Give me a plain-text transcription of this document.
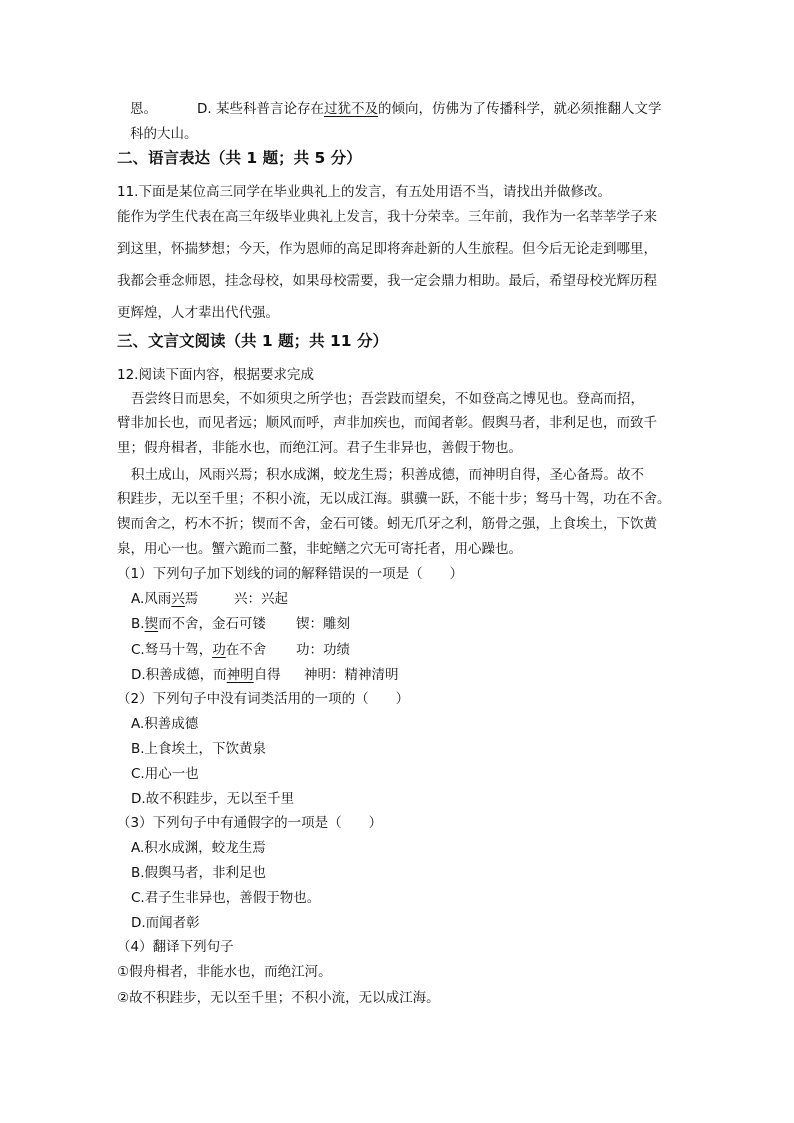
恩。	D. 某些科普言论存在过犹不及的倾向，仿佛为了传播科学，就必须推翻人文学
科的大山。
二、语言表达（共 1 题；共 5 分）
11.下面是某位高三同学在毕业典礼上的发言，有五处用语不当，请找出并做修改。
能作为学生代表在高三年级毕业典礼上发言，我十分荣幸。三年前，我作为一名莘莘学子来
到这里，怀揣梦想；今天，作为恩师的高足即将奔赴新的人生旅程。但今后无论走到哪里，
我都会垂念师恩，挂念母校，如果母校需要，我一定会鼎力相助。最后，希望母校光辉历程
更辉煌，人才辈出代代强。
三、文言文阅读（共 1 题；共 11 分）
12.阅读下面内容，根据要求完成
吾尝终日而思矣，不如须臾之所学也；吾尝跂而望矣，不如登高之博见也。登高而招，
臂非加长也，而见者远；顺风而呼，声非加疾也，而闻者彰。假舆马者，非利足也，而致千
里；假舟楫者，非能水也，而绝江河。君子生非异也，善假于物也。
积土成山，风雨兴焉；积水成渊，蛟龙生焉；积善成德，而神明自得，圣心备焉。故不
积跬步，无以至千里；不积小流，无以成江海。骐骥一跃，不能十步；驽马十驾，功在不舍。
锲而舍之，朽木不折；锲而不舍，金石可镂。蚓无爪牙之利，筋骨之强，上食埃土，下饮黄
泉，用心一也。蟹六跪而二螯，非蛇鳝之穴无可寄托者，用心躁也。
（1）下列句子加下划线的词的解释错误的一项是（　　）
A.风雨兴焉	兴：兴起
B.锲而不舍，金石可镂 锲：雕刻
C.驽马十驾，功在不舍 功：功绩
D.积善成德，而神明自得 神明：精神清明
（2）下列句子中没有词类活用的一项的（　　）
A.积善成德
B.上食埃土，下饮黄泉
C.用心一也
D.故不积跬步，无以至千里
（3）下列句子中有通假字的一项是（　　）
A.积水成渊，蛟龙生焉
B.假舆马者，非利足也
C.君子生非异也，善假于物也。
D.而闻者彰
（4）翻译下列句子
①假舟楫者，非能水也，而绝江河。
②故不积跬步，无以至千里；不积小流，无以成江海。
